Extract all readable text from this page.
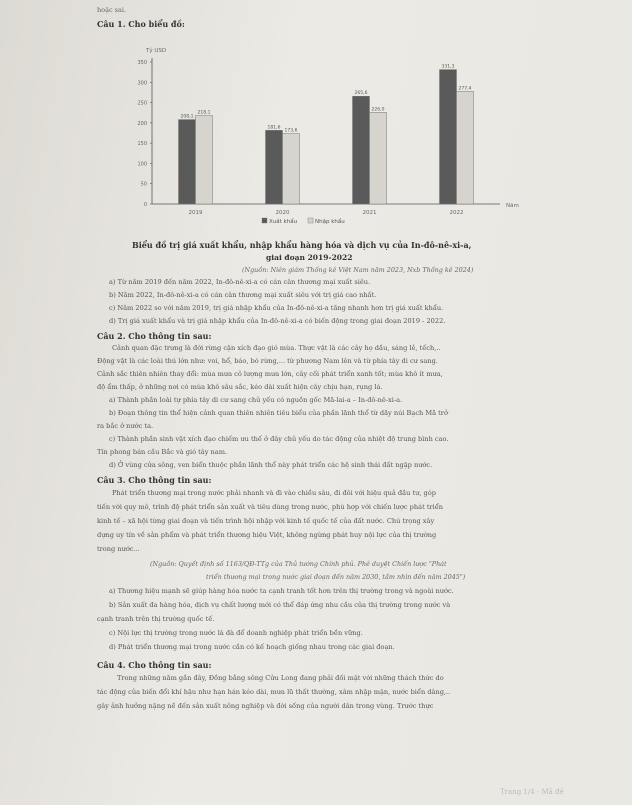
hoặc sai.
Câu 1. Cho biểu đồ:
Tỷ USD
Năm
0
50
100
150
200
250
300
350
2019
208,1
218,1
2020
181,6
173,6
2021
265,6
226,0
2022
331,3
277,4
Xuất khẩu	Nhập khẩu
Biểu đồ trị giá xuất khẩu, nhập khẩu hàng hóa và dịch vụ của In-đô-nê-xi-a,
giai đoạn 2019-2022
(Nguồn: Niên giám Thống kê Việt Nam năm 2023, Nxb Thống kê 2024)
a) Từ năm 2019 đến năm 2022, In-đô-nê-xi-a có cán cân thương mại xuất siêu.
b) Năm 2022, In-đô-nê-xi-a có cán cân thương mại xuất siêu với trị giá cao nhất.
c) Năm 2022 so với năm 2019, trị giá nhập khẩu của In-đô-nê-xi-a tăng nhanh hơn trị giá xuất khẩu.
d) Trị giá xuất khẩu và trị giá nhập khẩu của In-đô-nê-xi-a có biến động trong giai đoạn 2019 - 2022.
Câu 2. Cho thông tin sau:
Cảnh quan đặc trưng là đới rừng cận xích đạo gió mùa. Thực vật là các cây họ dầu, sáng lẻ, tếch,..
Động vật là các loài thú lớn như: voi, hổ, báo, bò rừng,... từ phương Nam lên và từ phía tây di cư sang.
Cảnh sắc thiên nhiên thay đổi: mùa mưa cỏ lượng mưa lớn, cây cối phát triển xanh tốt; mùa khô ít mưa,
độ ẩm thấp, ở những nơi có mùa khô sâu sắc, kéo dài xuất hiện cây chịu hạn, rụng lá.
a) Thành phần loài tự phía tây di cư sang chủ yếu có nguồn gốc Mã-lai-a – In-đô-nê-xi-a.
b) Đoạn thông tin thể hiện cảnh quan thiên nhiên tiêu biểu của phần lãnh thổ từ dãy núi Bạch Mã trở
ra bắc ở nước ta.
c) Thành phần sinh vật xích đạo chiếm ưu thế ở đây chủ yếu do tác động của nhiệt độ trung bình cao.
Tín phong bán cầu Bắc và gió tây nam.
d) Ở vùng cửa sông, ven biển thuộc phần lãnh thổ này phát triển các hệ sinh thái đất ngập nước.
Câu 3. Cho thông tin sau:
Phát triển thương mại trong nước phải nhanh và đi vào chiều sâu, đi đôi với hiệu quả đầu tư, góp
tiến với quy mô, trình độ phát triển sản xuất và tiêu dùng trong nước, phù hợp với chiến lược phát triển
kinh tế – xã hội từng giai đoạn và tiến trình hội nhập với kinh tế quốc tế của đất nước. Chú trọng xây
dựng uy tín về sản phẩm và phát triển thương hiệu Việt, không ngừng phát huy nội lực của thị trường
trong nước...
(Nguồn: Quyết định số 1163/QĐ-TTg của Thủ tướng Chính phủ. Phê duyệt Chiến lược "Phát
triển thương mại trong nước giai đoạn đến năm 2030, tầm nhìn đến năm 2045")
a) Thương hiệu mạnh sẽ giúp hàng hóa nước ta cạnh tranh tốt hơn trên thị trường trong và ngoài nước.
b) Sản xuất đa hàng hóa, dịch vụ chất lượng mới có thể đáp ứng nhu cầu của thị trường trong nước và
cạnh tranh trên thị trường quốc tế.
c) Nội lực thị trường trong nước là đà để doanh nghiệp phát triển bền vững.
d) Phát triển thương mại trong nước cần có kế hoạch giống nhau trong các giai đoạn.
Câu 4. Cho thông tin sau:
Trong những năm gần đây, Đồng bằng sông Cửu Long đang phải đối mặt với những thách thức do
tác động của biến đổi khí hậu như hạn hán kéo dài, mưa lũ thất thường, xâm nhập mặn, nước biển dâng,..
gây ảnh hưởng nặng nề đến sản xuất nông nghiệp và đời sống của người dân trong vùng. Trước thực
Trang 1/4 - Mã đề
